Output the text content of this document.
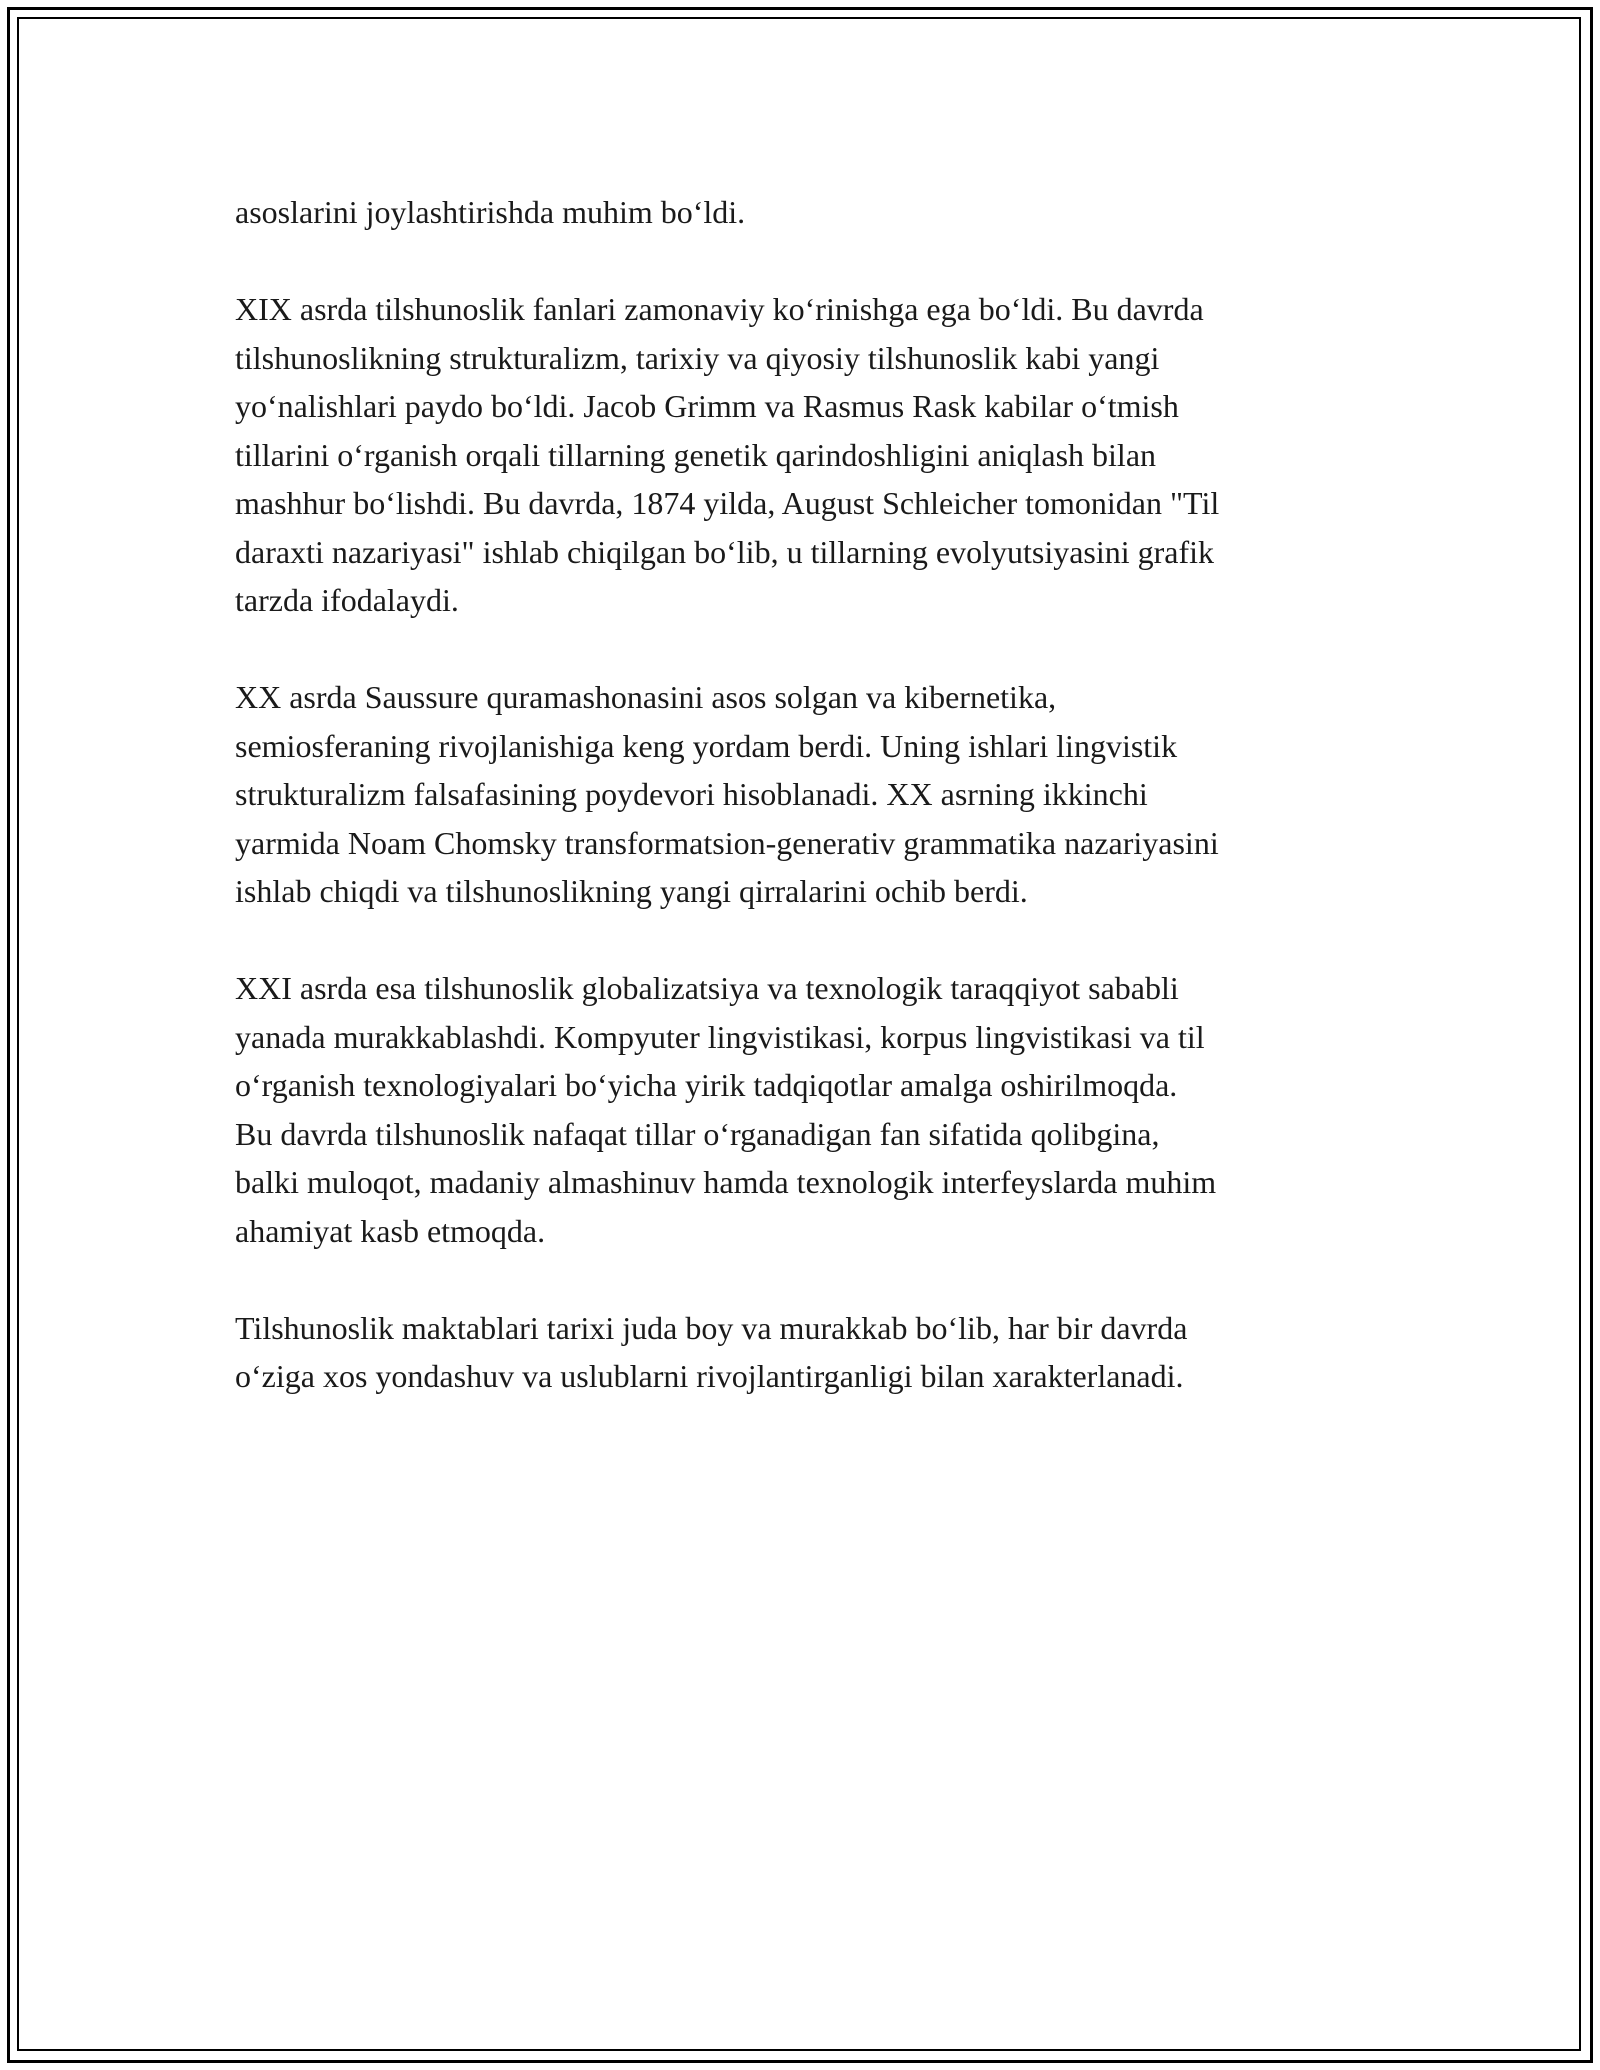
asoslarini joylashtirishda muhim bo‘ldi.

XIX asrda tilshunoslik fanlari zamonaviy ko‘rinishga ega bo‘ldi. Bu davrda
tilshunoslikning strukturalizm, tarixiy va qiyosiy tilshunoslik kabi yangi
yo‘nalishlari paydo bo‘ldi. Jacob Grimm va Rasmus Rask kabilar o‘tmish
tillarini o‘rganish orqali tillarning genetik qarindoshligini aniqlash bilan
mashhur bo‘lishdi. Bu davrda, 1874 yilda, August Schleicher tomonidan "Til
daraxti nazariyasi" ishlab chiqilgan bo‘lib, u tillarning evolyutsiyasini grafik
tarzda ifodalaydi.

XX asrda Saussure quramashonasini asos solgan va kibernetika,
semiosferaning rivojlanishiga keng yordam berdi. Uning ishlari lingvistik
strukturalizm falsafasining poydevori hisoblanadi. XX asrning ikkinchi
yarmida Noam Chomsky transformatsion-generativ grammatika nazariyasini
ishlab chiqdi va tilshunoslikning yangi qirralarini ochib berdi.

XXI asrda esa tilshunoslik globalizatsiya va texnologik taraqqiyot sababli
yanada murakkablashdi. Kompyuter lingvistikasi, korpus lingvistikasi va til
o‘rganish texnologiyalari bo‘yicha yirik tadqiqotlar amalga oshirilmoqda.
Bu davrda tilshunoslik nafaqat tillar o‘rganadigan fan sifatida qolibgina,
balki muloqot, madaniy almashinuv hamda texnologik interfeyslarda muhim
ahamiyat kasb etmoqda.

Tilshunoslik maktablari tarixi juda boy va murakkab bo‘lib, har bir davrda
o‘ziga xos yondashuv va uslublarni rivojlantirganligi bilan xarakterlanadi.
